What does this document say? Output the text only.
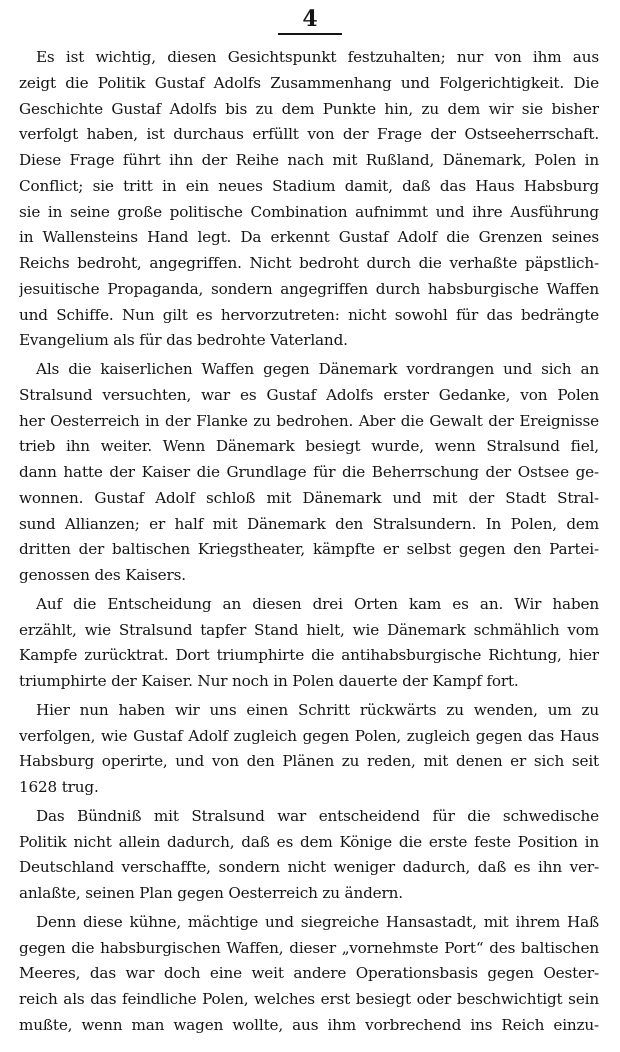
4
Es ist wichtig, diesen Gesichtspunkt festzuhalten; nur von ihm aus
zeigt die Politik Gustaf Adolfs Zusammenhang und Folgerichtigkeit. Die
Geschichte Gustaf Adolfs bis zu dem Punkte hin, zu dem wir sie bisher
verfolgt haben, ist durchaus erfüllt von der Frage der Ostseeherrschaft.
Diese Frage führt ihn der Reihe nach mit Rußland, Dänemark, Polen in
Conflict; sie tritt in ein neues Stadium damit, daß das Haus Habsburg
sie in seine große politische Combination aufnimmt und ihre Ausführung
in Wallensteins Hand legt. Da erkennt Gustaf Adolf die Grenzen seines
Reichs bedroht, angegriffen. Nicht bedroht durch die verhaßte päpstlich-
jesuitische Propaganda, sondern angegriffen durch habsburgische Waffen
und Schiffe. Nun gilt es hervorzutreten: nicht sowohl für das bedrängte
Evangelium als für das bedrohte Vaterland.
Als die kaiserlichen Waffen gegen Dänemark vordrangen und sich an
Stralsund versuchten, war es Gustaf Adolfs erster Gedanke, von Polen
her Oesterreich in der Flanke zu bedrohen. Aber die Gewalt der Ereignisse
trieb ihn weiter. Wenn Dänemark besiegt wurde, wenn Stralsund fiel,
dann hatte der Kaiser die Grundlage für die Beherrschung der Ostsee ge-
wonnen. Gustaf Adolf schloß mit Dänemark und mit der Stadt Stral-
sund Allianzen; er half mit Dänemark den Stralsundern. In Polen, dem
dritten der baltischen Kriegstheater, kämpfte er selbst gegen den Partei-
genossen des Kaisers.
Auf die Entscheidung an diesen drei Orten kam es an. Wir haben
erzählt, wie Stralsund tapfer Stand hielt, wie Dänemark schmählich vom
Kampfe zurücktrat. Dort triumphirte die antihabsburgische Richtung, hier
triumphirte der Kaiser. Nur noch in Polen dauerte der Kampf fort.
Hier nun haben wir uns einen Schritt rückwärts zu wenden, um zu
verfolgen, wie Gustaf Adolf zugleich gegen Polen, zugleich gegen das Haus
Habsburg operirte, und von den Plänen zu reden, mit denen er sich seit
1628 trug.
Das Bündniß mit Stralsund war entscheidend für die schwedische
Politik nicht allein dadurch, daß es dem Könige die erste feste Position in
Deutschland verschaffte, sondern nicht weniger dadurch, daß es ihn ver-
anlaßte, seinen Plan gegen Oesterreich zu ändern.
Denn diese kühne, mächtige und siegreiche Hansastadt, mit ihrem Haß
gegen die habsburgischen Waffen, dieser „vornehmste Port“ des baltischen
Meeres, das war doch eine weit andere Operationsbasis gegen Oester-
reich als das feindliche Polen, welches erst besiegt oder beschwichtigt sein
mußte, wenn man wagen wollte, aus ihm vorbrechend ins Reich einzu-
